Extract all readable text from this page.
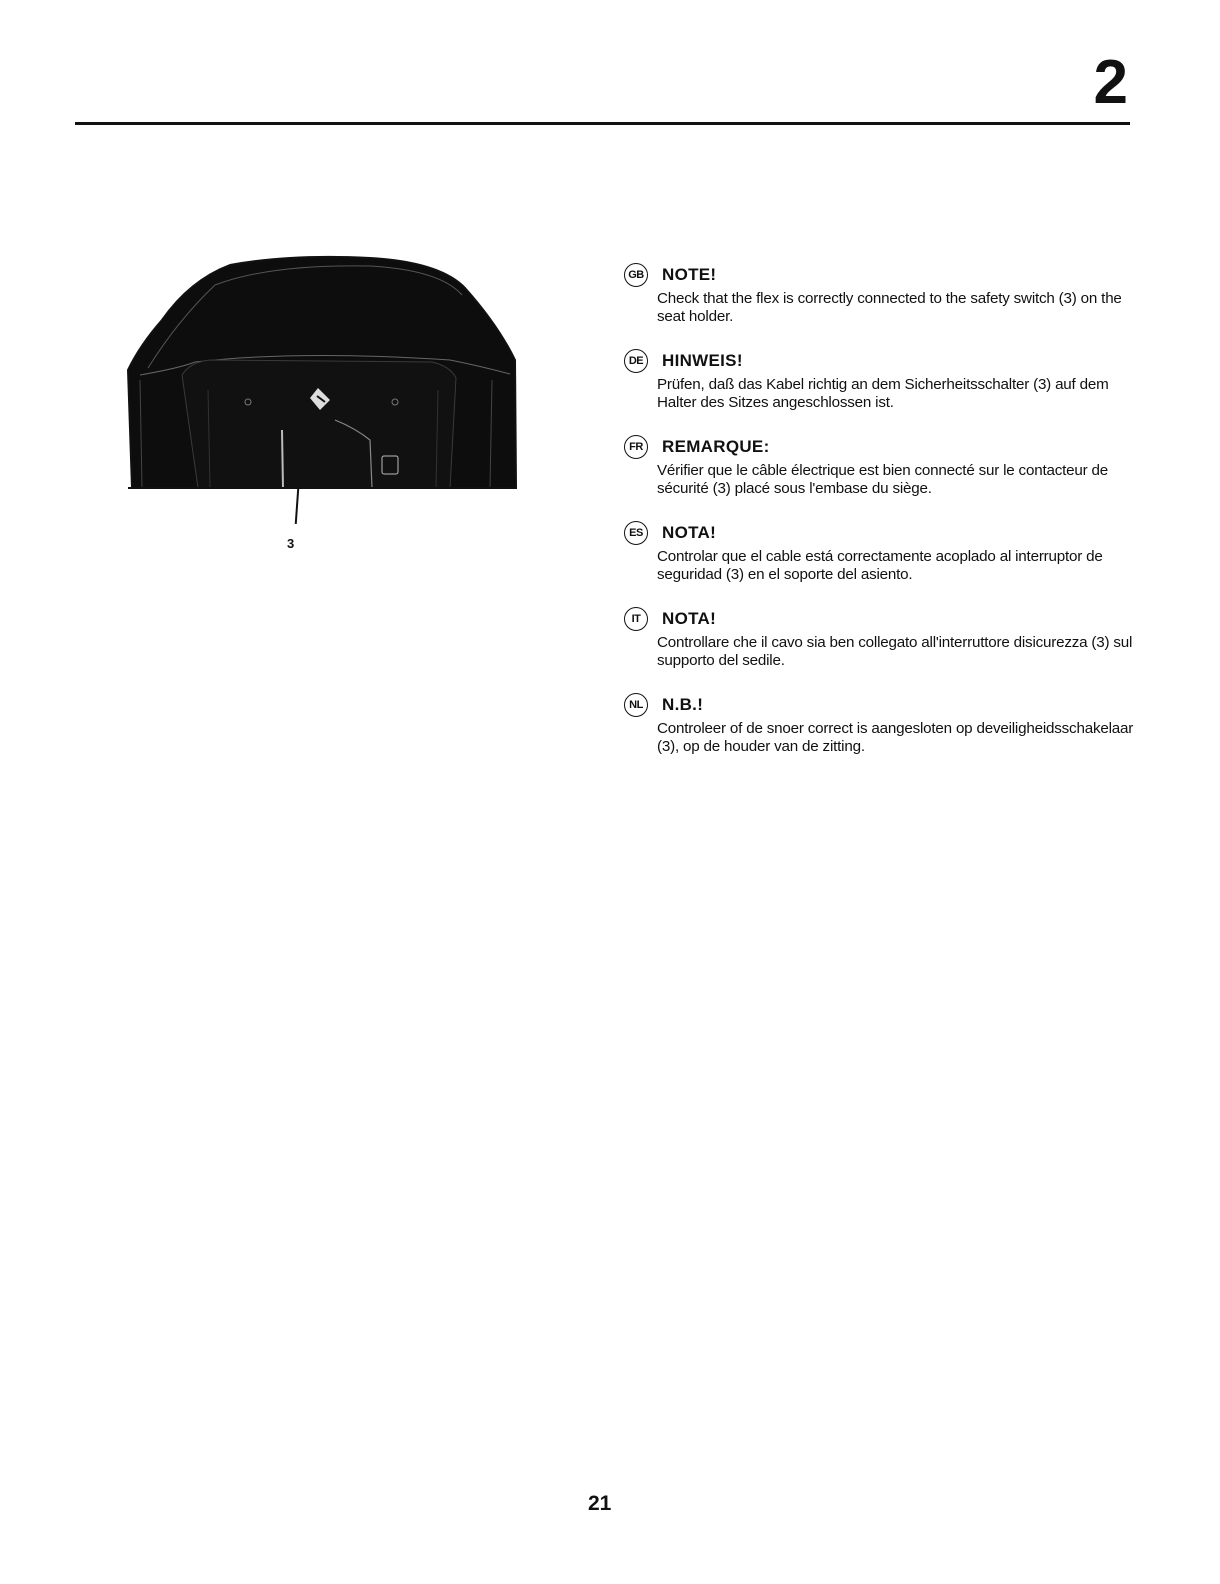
2
3
GB NOTE!
Check that the flex is correctly connected to the safety switch (3) on the seat holder.
DE HINWEIS!
Prüfen, daß das Kabel richtig an dem Sicherheitsschalter (3) auf dem Halter des Sitzes angeschlossen ist.
FR	REMARQUE:
Vérifier que le câble électrique est bien connecté sur le contacteur de sécurité (3) placé sous l'embase du siège.
ES	NOTA!
Controlar que el cable está correctamente acoplado al interruptor de seguridad (3) en el soporte del asiento.
IT	NOTA!
Controllare che il cavo sia ben collegato all'interruttore disicurezza (3) sul supporto del sedile.
NL	N.B.!
Controleer of de snoer correct is aangesloten op deveiligheidsschakelaar (3), op de houder van de zitting.
21
